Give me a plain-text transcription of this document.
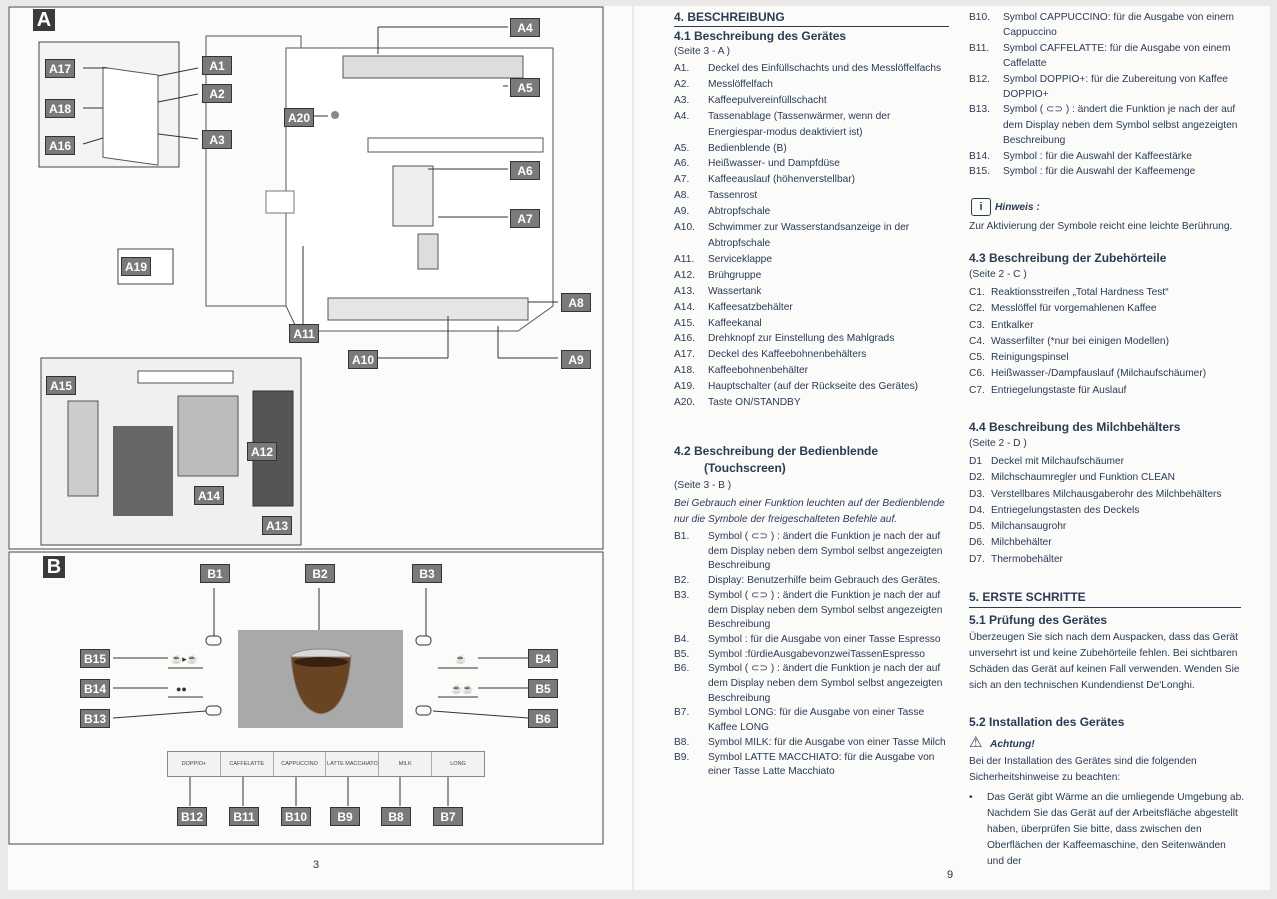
A
B
A1
A2
A3
A4
A5
A6
A7
A8
A9
A10
A11
A12
A13
A14
A15
A16
A17
A18
A19
A20
B1	B2	B3
B4
B5
B6
B7
B8
B9
B10
B11
B12
B13
B14
B15	☕▸☕
●●
☕
☕☕
DOPPIO+	CAFFELATTE	CAPPUCCINO	LATTE MACCHIATO	MILK	LONG
3
4. BESCHREIBUNG
4.1 Beschreibung des Gerätes
(Seite 3 - A )
A1.	Deckel des Einfüllschachts und des Messlöffelfachs
A2.	Messlöffelfach
A3.	Kaffeepulvereinfüllschacht
A4.	Tassenablage (Tassenwärmer, wenn der Energiespar-modus deaktiviert ist)
A5.	Bedienblende (B)
A6.	Heißwasser- und Dampfdüse
A7.	Kaffeeauslauf (höhenverstellbar)
A8.	Tassenrost
A9.	Abtropfschale
A10.	Schwimmer zur Wasserstandsanzeige in der Abtropfschale
A11.	Serviceklappe
A12.	Brühgruppe
A13.	Wassertank
A14.	Kaffeesatzbehälter
A15.	Kaffeekanal
A16.	Drehknopf zur Einstellung des Mahlgrads
A17.	Deckel des Kaffeebohnenbehälters
A18.	Kaffeebohnenbehälter
A19.	Hauptschalter (auf der Rückseite des Gerätes)
A20.	Taste ON/STANDBY
4.2 Beschreibung der Bedienblende
(Touchscreen)
(Seite 3 - B )
Bei Gebrauch einer Funktion leuchten auf der Bedienblende nur die Symbole der freigeschalteten Befehle auf.
B1.	Symbol ( ⊂⊃ ) : ändert die Funktion je nach der auf dem Display neben dem Symbol selbst angezeigten Beschreibung
B2.	Display: Benutzerhilfe beim Gebrauch des Gerätes.
B3.	Symbol ( ⊂⊃ ) : ändert die Funktion je nach der auf dem Display neben dem Symbol selbst angezeigten Beschreibung
B4.	Symbol : für die Ausgabe von einer Tasse Espresso
B5.	Symbol :fürdieAusgabevonzweiTassenEspresso
B6.	Symbol ( ⊂⊃ ) : ändert die Funktion je nach der auf dem Display neben dem Symbol selbst angezeigten Beschreibung
B7.	Symbol LONG: für die Ausgabe von einer Tasse Kaffee LONG
B8.	Symbol MILK: für die Ausgabe von einer Tasse Milch
B9.	Symbol LATTE MACCHIATO: für die Ausgabe von einer Tasse Latte Macchiato
9
B10.	Symbol CAPPUCCINO: für die Ausgabe von einem Cappuccino
B11.	Symbol CAFFELATTE: für die Ausgabe von einem Caffelatte
B12.	Symbol DOPPIO+: für die Zubereitung von Kaffee DOPPIO+
B13.	Symbol ( ⊂⊃ ) : ändert die Funktion je nach der auf dem Display neben dem Symbol selbst angezeigten Beschreibung
B14.	Symbol : für die Auswahl der Kaffeestärke
B15.	Symbol : für die Auswahl der Kaffeemenge
i	Hinweis :
Zur Aktivierung der Symbole reicht eine leichte Berührung.
4.3 Beschreibung der Zubehörteile
(Seite 2 - C )
C1. Reaktionsstreifen „Total Hardness Test“
C2. Messlöffel für vorgemahlenen Kaffee
C3. Entkalker
C4. Wasserfilter (*nur bei einigen Modellen)
C5. Reinigungspinsel
C6. Heißwasser-/Dampfauslauf (Milchaufschäumer)
C7. Entriegelungstaste für Auslauf
4.4 Beschreibung des Milchbehälters
(Seite 2 - D )
D1 Deckel mit Milchaufschäumer
D2. Milchschaumregler und Funktion CLEAN
D3. Verstellbares Milchausgaberohr des Milchbehälters
D4. Entriegelungstasten des Deckels
D5. Milchansaugrohr
D6. Milchbehälter
D7. Thermobehälter
5. ERSTE SCHRITTE
5.1 Prüfung des Gerätes
Überzeugen Sie sich nach dem Auspacken, dass das Gerät unversehrt ist und keine Zubehörteile fehlen. Bei sichtbaren Schäden das Gerät auf keinen Fall verwenden. Wenden Sie sich an den technischen Kundendienst De'Longhi.
5.2 Installation des Gerätes
⚠ Achtung!
Bei der Installation des Gerätes sind die folgenden Sicherheitshinweise zu beachten:
• Das Gerät gibt Wärme an die umliegende Umgebung ab. Nachdem Sie das Gerät auf der Arbeitsfläche abgestellt haben, überprüfen Sie bitte, dass zwischen den Oberflächen der Kaffeemaschine, den Seitenwänden und der
